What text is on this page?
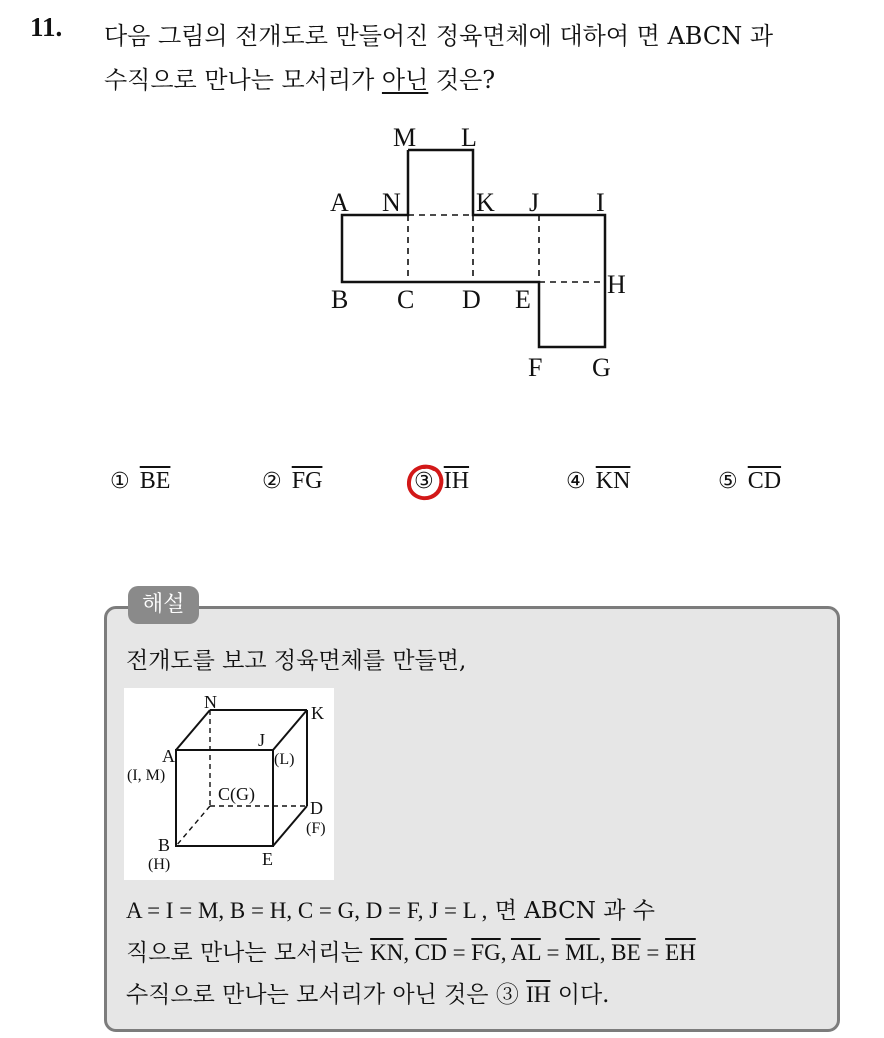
11. 다음 그림의 전개도로 만들어진 정육면체에 대하여 면 ABCN 과
수직으로 만나는 모서리가 아닌 것은?
M L
A N	K J I
B C D E
H
F G
① $\overline{BE}$	② $\overline{FG}$	③ $\overline{IH}$	④ $\overline{KN}$	⑤ $\overline{CD}$
해설
전개도를 보고 정육면체를 만들면,
N
K
A
(I, M)
J
(L)
C(G)
D
(F)
B
(H)	E
A = I = M, B = H, C = G, D = F, J = L , 면 ABCN 과 수
직으로 만나는 모서리는 $\overline{KN}$, $\overline{CD} = \overline{FG}$, $\overline{AL} = \overline{ML}$, $\overline{BE} = \overline{EH}$
수직으로 만나는 모서리가 아닌 것은 ③ $\overline{IH}$ 이다.
